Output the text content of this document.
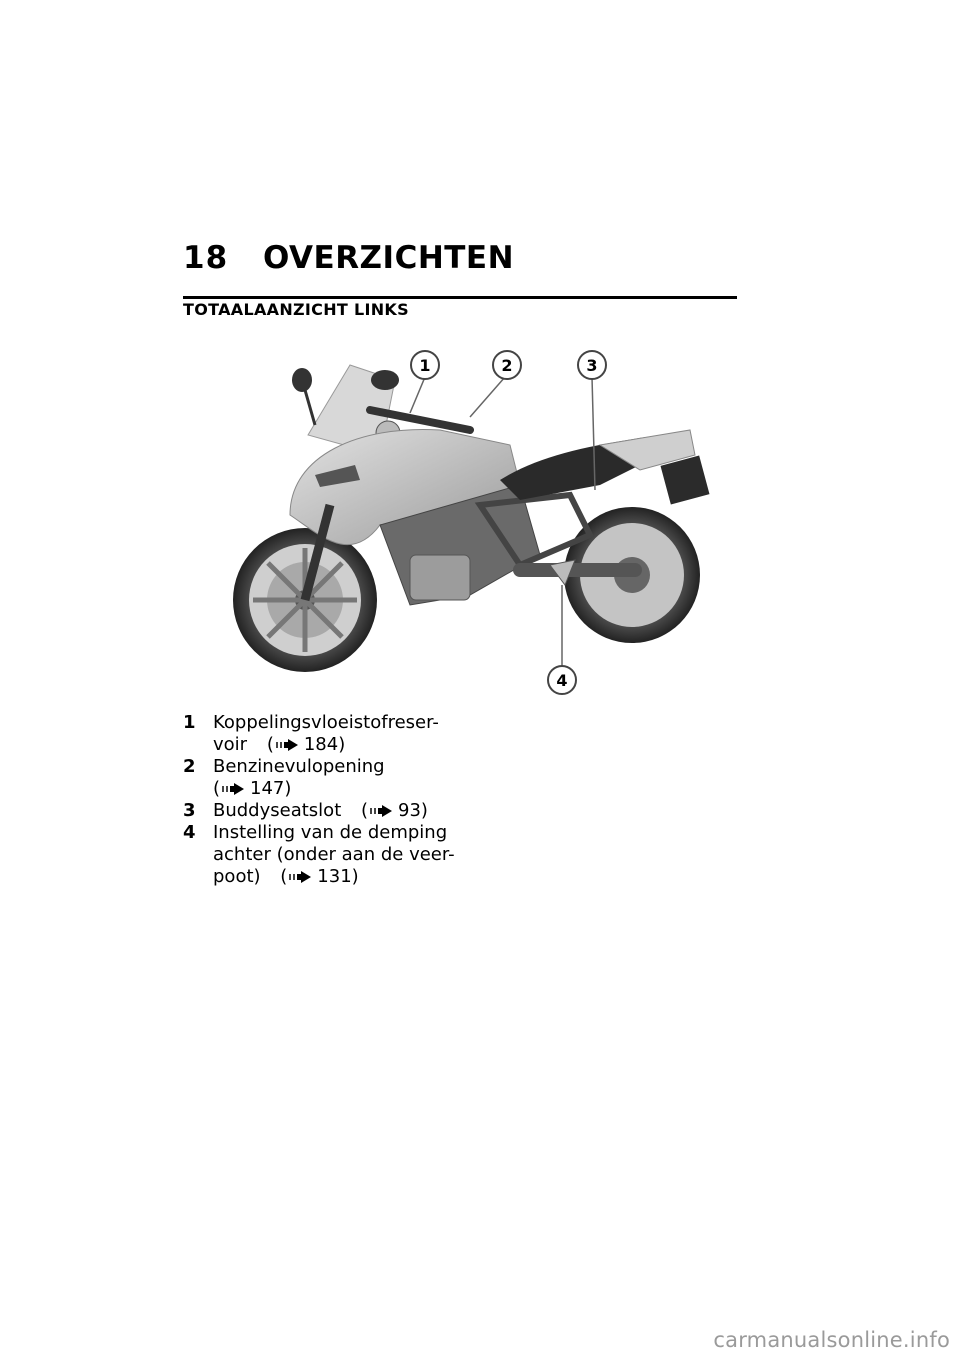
18 OVERZICHTEN
TOTAALAANZICHT LINKS
1	2	3
4
1 Koppelingsvloeistofreser-
voir ( 184 )
2 Benzinevulopening
( 147 )
3 Buddyseatslot ( 93 )
4 Instelling van de demping
achter (onder aan de veer-
poot) ( 131 )
carmanualsonline.info
